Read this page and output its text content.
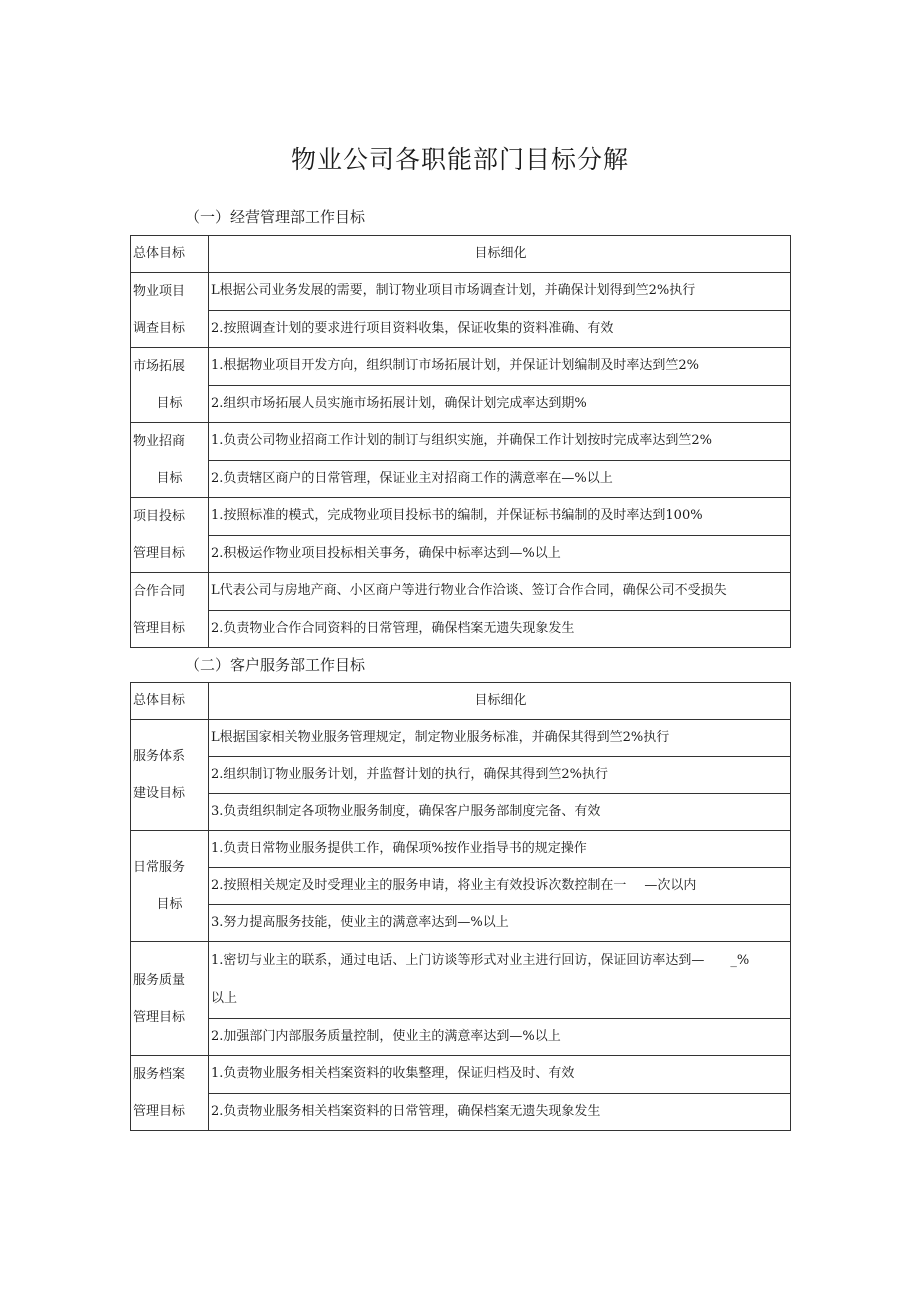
物业公司各职能部门目标分解
（一）经营管理部工作目标
总体目标	目标细化

物业项目
调查目标	L根据公司业务发展的需要，制订物业项目市场调查计划，并确保计划得到竺2%执行
	2.按照调查计划的要求进行项目资料收集，保证收集的资料准确、有效

市场拓展
目标	1.根据物业项目开发方向，组织制订市场拓展计划，并保证计划编制及时率达到竺2%
	2.组织市场拓展人员实施市场拓展计划，确保计划完成率达到期%

物业招商
目标	1.负责公司物业招商工作计划的制订与组织实施，并确保工作计划按时完成率达到竺2%
	2.负责辖区商户的日常管理，保证业主对招商工作的满意率在—%以上

项目投标
管理目标	1.按照标准的模式，完成物业项目投标书的编制，并保证标书编制的及时率达到100%
	2.积极运作物业项目投标相关事务，确保中标率达到—%以上

合作合同
管理目标	L代表公司与房地产商、小区商户等进行物业合作洽谈、签订合作合同，确保公司不受损失
	2.负责物业合作合同资料的日常管理，确保档案无遗失现象发生
（二）客户服务部工作目标
总体目标	目标细化

服务体系
建设目标	L根据国家相关物业服务管理规定，制定物业服务标准，并确保其得到竺2%执行
	2.组织制订物业服务计划，并监督计划的执行，确保其得到竺2%执行
	3.负责组织制定各项物业服务制度，确保客户服务部制度完备、有效

日常服务
目标	1.负责日常物业服务提供工作，确保项%按作业指导书的规定操作
	2.按照相关规定及时受理业主的服务申请，将业主有效投诉次数控制在一 —次以内
	3.努力提高服务技能，使业主的满意率达到—%以上

服务质量
管理目标	1.密切与业主的联系，通过电话、上门访谈等形式对业主进行回访，保证回访率达到— _%
以上
	2.加强部门内部服务质量控制，使业主的满意率达到—%以上

服务档案
管理目标	1.负责物业服务相关档案资料的收集整理，保证归档及时、有效
	2.负责物业服务相关档案资料的日常管理，确保档案无遗失现象发生
